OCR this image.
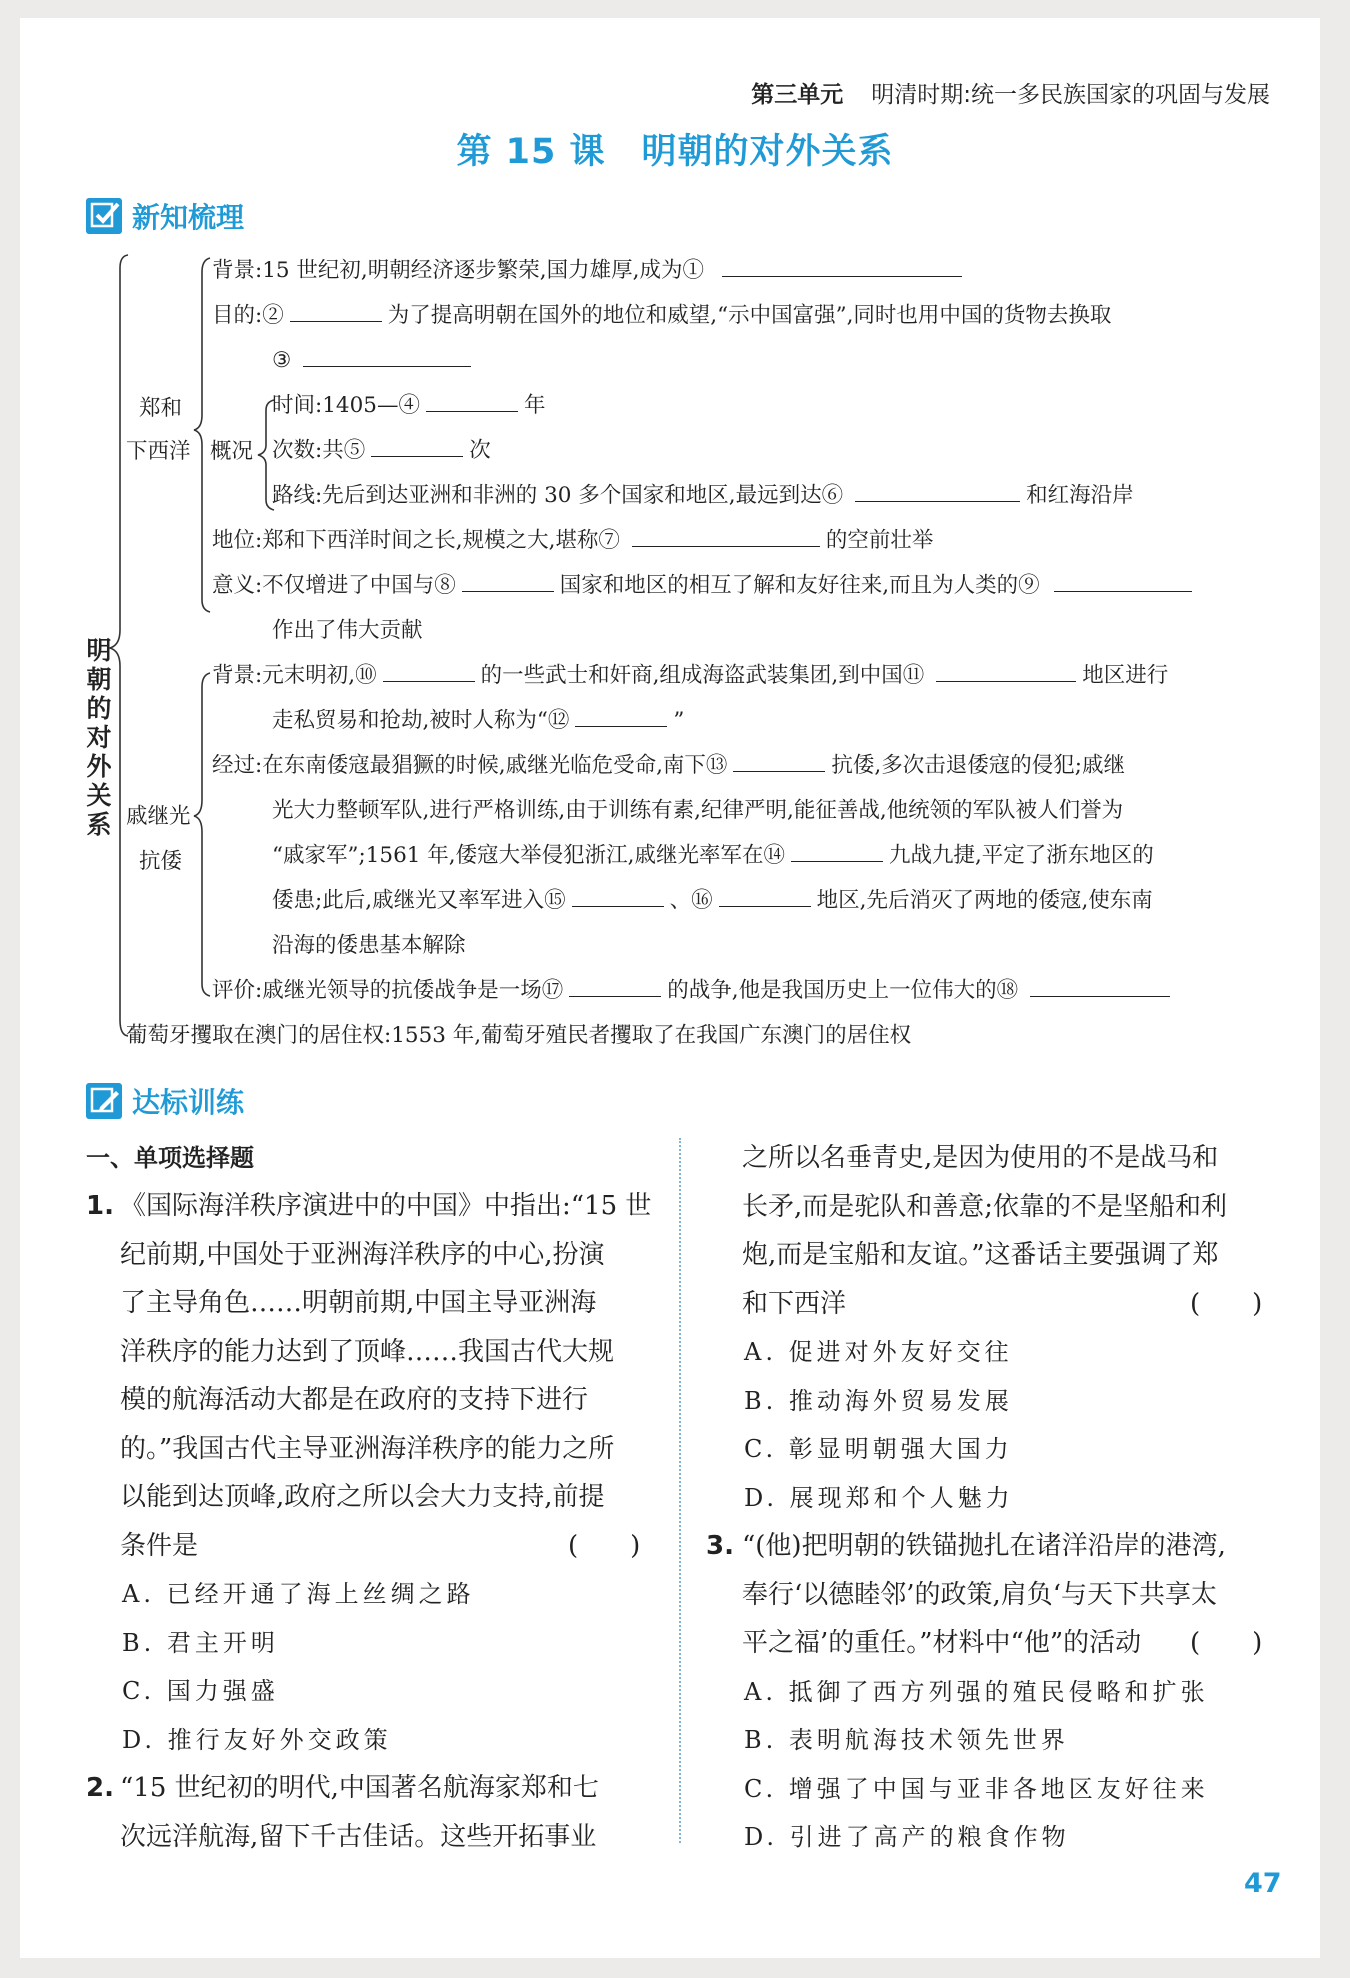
第三单元 明清时期:统一多民族国家的巩固与发展
第 15 课　明朝的对外关系
新知梳理
明朝的对外关系
郑和
下西洋 概况
戚继光
抗倭
背景:15 世纪初,明朝经济逐步繁荣,国力雄厚,成为①
目的:②	为了提高明朝在国外的地位和威望,“示中国富强”,同时也用中国的货物去换取
③
时间:1405—④	年
次数:共⑤	次
路线:先后到达亚洲和非洲的 30 多个国家和地区,最远到达⑥	和红海沿岸
地位:郑和下西洋时间之长,规模之大,堪称⑦	的空前壮举
意义:不仅增进了中国与⑧	国家和地区的相互了解和友好往来,而且为人类的⑨
作出了伟大贡献
背景:元末明初,⑩	的一些武士和奸商,组成海盗武装集团,到中国⑪	地区进行
走私贸易和抢劫,被时人称为“⑫	”
经过:在东南倭寇最猖獗的时候,戚继光临危受命,南下⑬	抗倭,多次击退倭寇的侵犯;戚继
光大力整顿军队,进行严格训练,由于训练有素,纪律严明,能征善战,他统领的军队被人们誉为
“戚家军”;1561 年,倭寇大举侵犯浙江,戚继光率军在⑭	九战九捷,平定了浙东地区的
倭患;此后,戚继光又率军进入⑮	、⑯	地区,先后消灭了两地的倭寇,使东南
沿海的倭患基本解除
评价:戚继光领导的抗倭战争是一场⑰	的战争,他是我国历史上一位伟大的⑱
葡萄牙攫取在澳门的居住权:1553 年,葡萄牙殖民者攫取了在我国广东澳门的居住权
达标训练
一、单项选择题
1. 《国际海洋秩序演进中的中国》中指出:“15 世
纪前期,中国处于亚洲海洋秩序的中心,扮演
了主导角色……明朝前期,中国主导亚洲海
洋秩序的能力达到了顶峰……我国古代大规
模的航海活动大都是在政府的支持下进行
的。”我国古代主导亚洲海洋秩序的能力之所
以能到达顶峰,政府之所以会大力支持,前提
条件是	(　　)
A. 已经开通了海上丝绸之路
B. 君主开明
C. 国力强盛
D. 推行友好外交政策
2. “15 世纪初的明代,中国著名航海家郑和七
次远洋航海,留下千古佳话。这些开拓事业
之所以名垂青史,是因为使用的不是战马和
长矛,而是驼队和善意;依靠的不是坚船和利
炮,而是宝船和友谊。”这番话主要强调了郑
和下西洋	(　　)
A. 促进对外友好交往
B. 推动海外贸易发展
C. 彰显明朝强大国力
D. 展现郑和个人魅力
3. “(他)把明朝的铁锚抛扎在诸洋沿岸的港湾,
奉行‘以德睦邻’的政策,肩负‘与天下共享太
平之福’的重任。”材料中“他”的活动 (　　)
A. 抵御了西方列强的殖民侵略和扩张
B. 表明航海技术领先世界
C. 增强了中国与亚非各地区友好往来
D. 引进了高产的粮食作物
47
